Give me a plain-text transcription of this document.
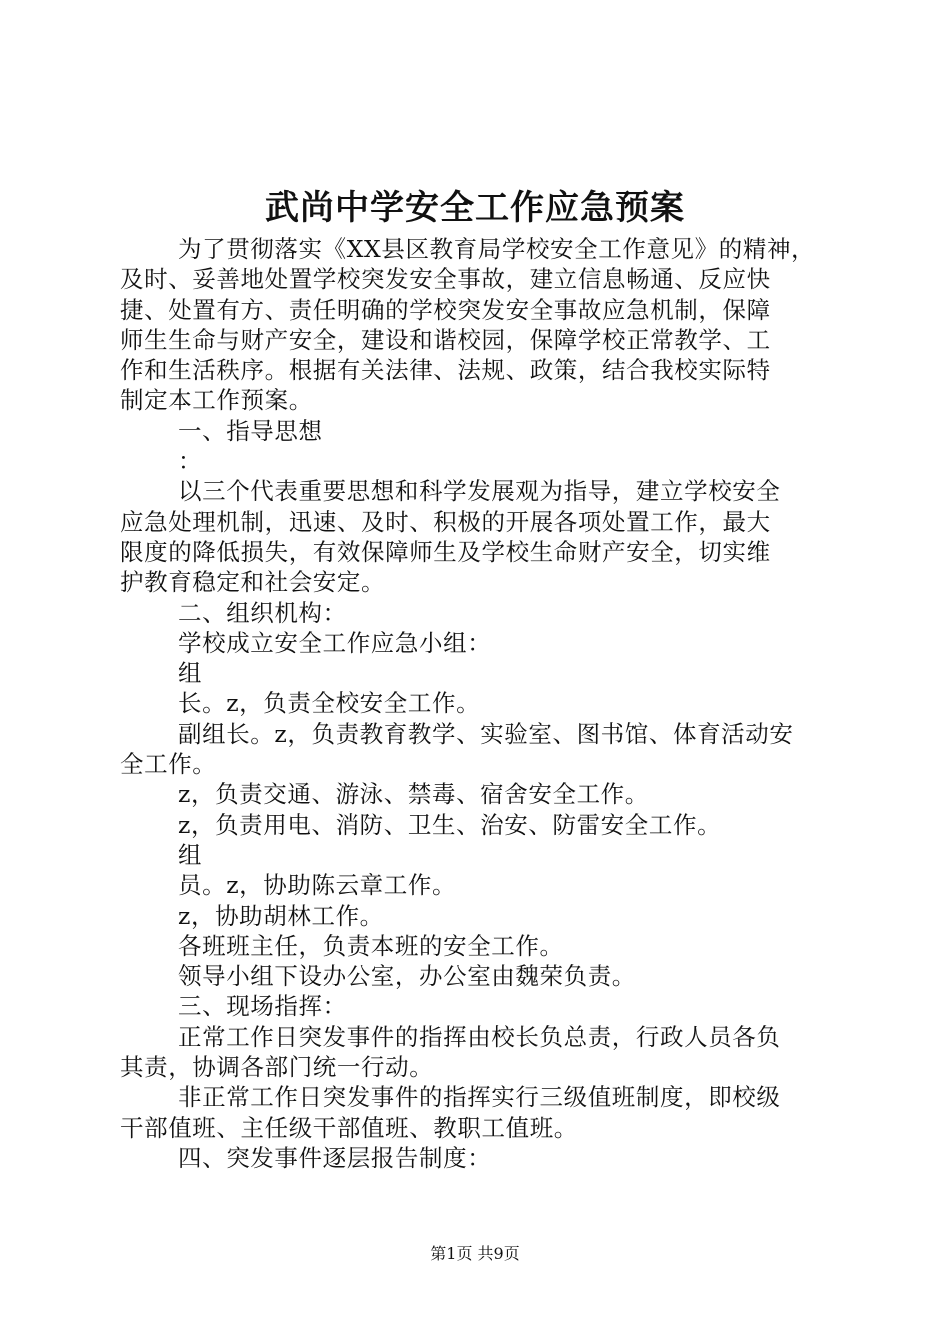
武尚中学安全工作应急预案
为了贯彻落实《XX县区教育局学校安全工作意见》的精神，
及时、妥善地处置学校突发安全事故，建立信息畅通、反应快
捷、处置有方、责任明确的学校突发安全事故应急机制，保障
师生生命与财产安全，建设和谐校园，保障学校正常教学、工
作和生活秩序。根据有关法律、法规、政策，结合我校实际特
制定本工作预案。
一、指导思想
：
以三个代表重要思想和科学发展观为指导，建立学校安全
应急处理机制，迅速、及时、积极的开展各项处置工作，最大
限度的降低损失，有效保障师生及学校生命财产安全，切实维
护教育稳定和社会安定。
二、组织机构：
学校成立安全工作应急小组：
组
长。z，负责全校安全工作。
副组长。z，负责教育教学、实验室、图书馆、体育活动安
全工作。
z，负责交通、游泳、禁毒、宿舍安全工作。
z，负责用电、消防、卫生、治安、防雷安全工作。
组
员。z，协助陈云章工作。
z，协助胡林工作。
各班班主任，负责本班的安全工作。
领导小组下设办公室，办公室由魏荣负责。
三、现场指挥：
正常工作日突发事件的指挥由校长负总责，行政人员各负
其责，协调各部门统一行动。
非正常工作日突发事件的指挥实行三级值班制度，即校级
干部值班、主任级干部值班、教职工值班。
四、突发事件逐层报告制度：
第1页 共9页
